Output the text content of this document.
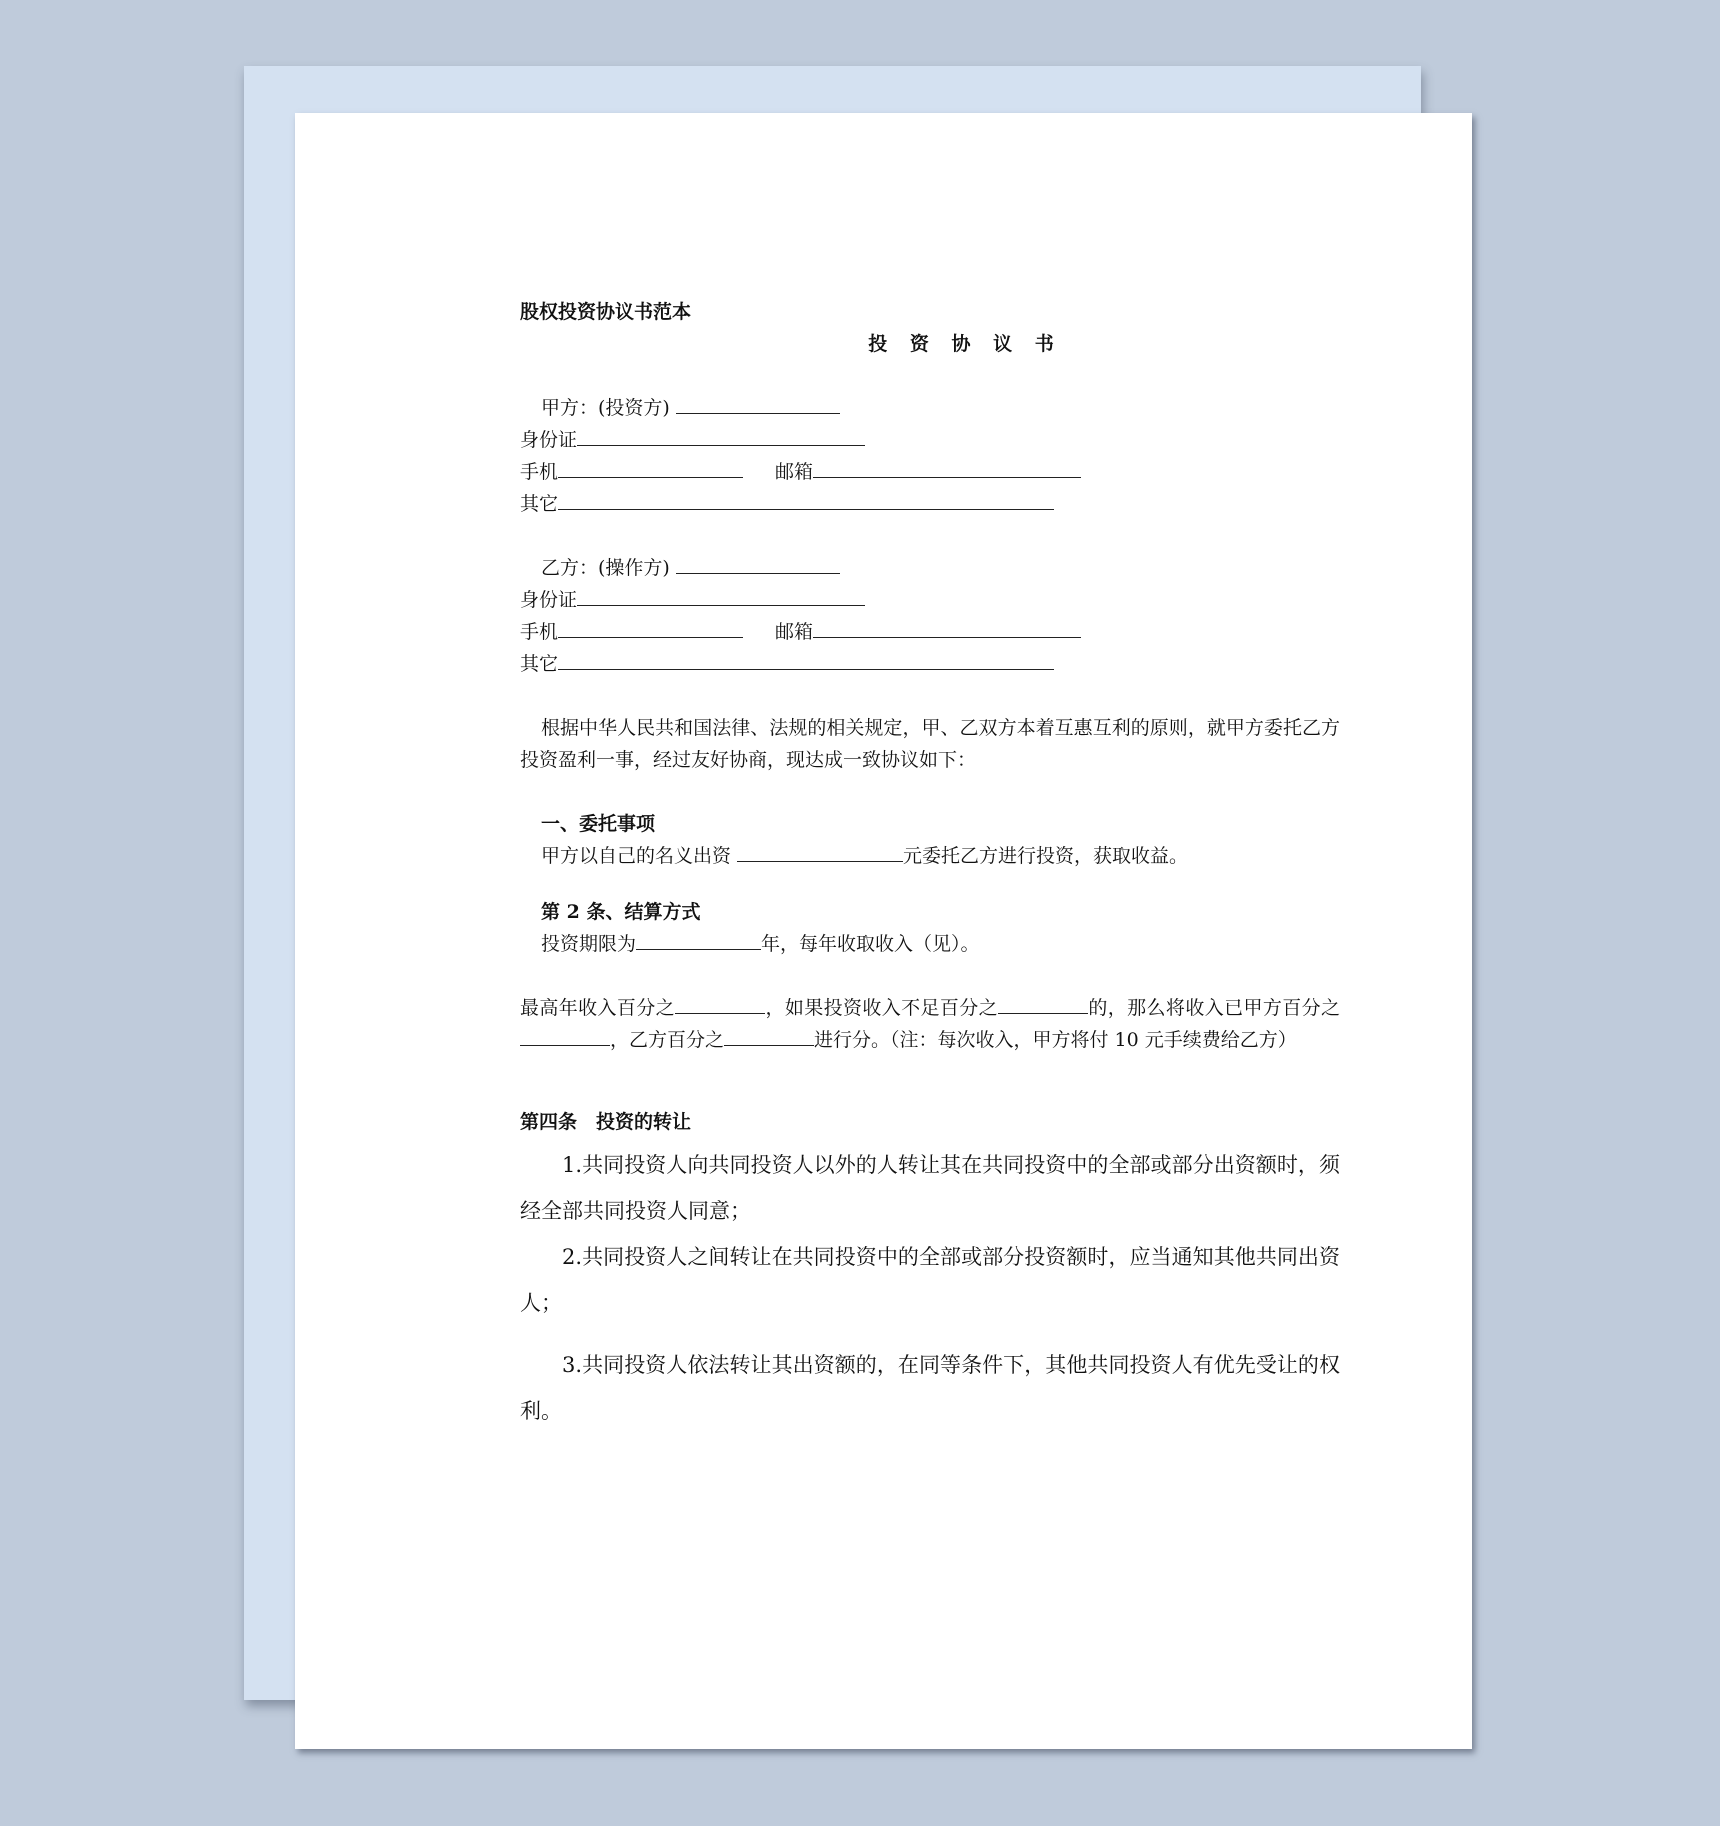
股权投资协议书范本
投 资 协 议 书
甲方：(投资方)
身份证
手机	邮箱
其它
乙方：(操作方)
身份证
手机	邮箱
其它
根据中华人民共和国法律、法规的相关规定，甲、乙双方本着互惠互利的原则，就甲方委托乙方投资盈利一事，经过友好协商，现达成一致协议如下：
一、委托事项
甲方以自己的名义出资	元委托乙方进行投资，获取收益。
第 2 条、结算方式
投资期限为	年，每年收取收入（见）。
最高年收入百分之	，如果投资收入不足百分之	的，那么将收入已甲方百分之，乙方百分之	进行分。（注：每次收入，甲方将付 10 元手续费给乙方）
第四条　投资的转让
1.共同投资人向共同投资人以外的人转让其在共同投资中的全部或部分出资额时，须经全部共同投资人同意；
2.共同投资人之间转让在共同投资中的全部或部分投资额时，应当通知其他共同出资人；
3.共同投资人依法转让其出资额的，在同等条件下，其他共同投资人有优先受让的权利。
